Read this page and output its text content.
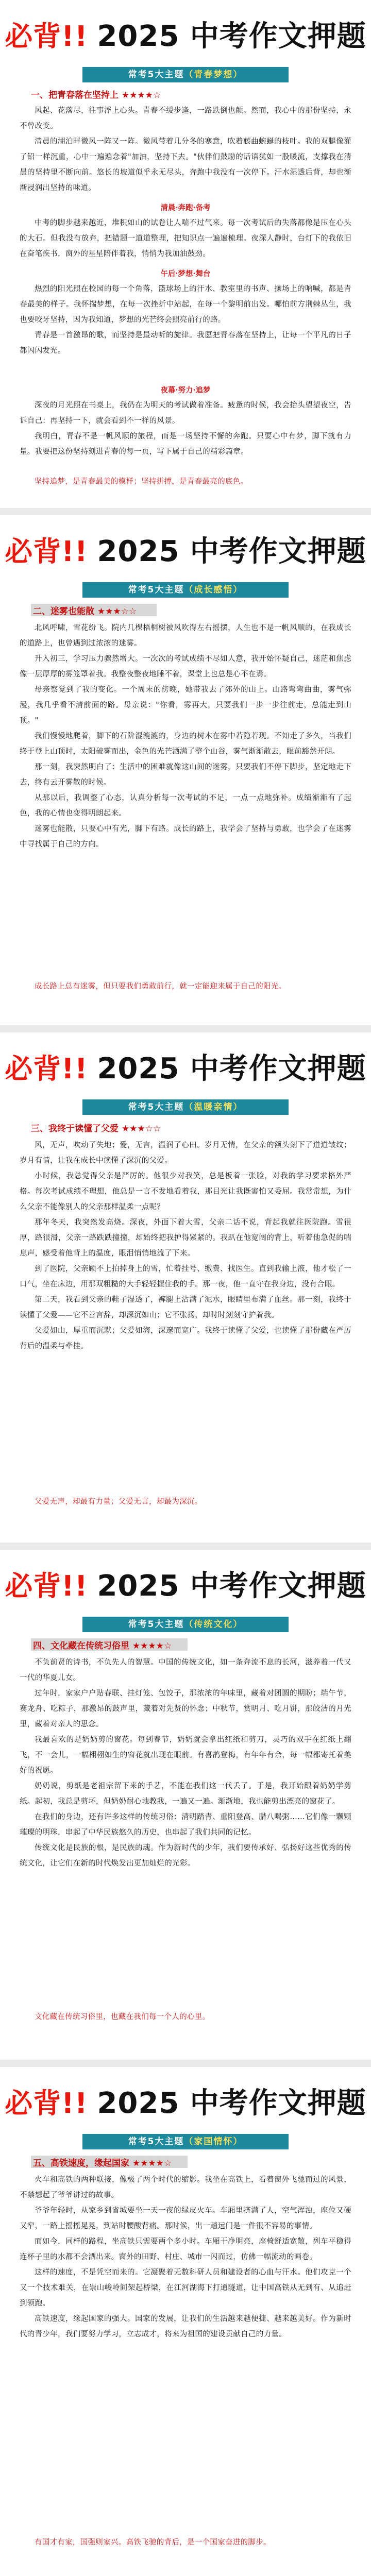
必背!! 2025 中考作文押题
常考5大主题（青春梦想）
一、把青春落在坚持上 ★★★★☆

风起、花落尽，往事浮上心头。青春不缓步逢，一路跌倒也颠。然而，我心中的那份坚持，永不曾改变。

清晨的湖泊畔微风一阵又一阵。微风带着几分冬的寒意，吹着藤曲蜿蜒的枝叶。我的双腿像灌了铅一样沉重，心中一遍遍念着"加油，坚持下去。"伙伴们鼓励的话语犹如一股暖流，支撑我在清晨的坚持里不断向前。悠长的坡道似乎永无尽头，奔跑中我没有一次停下。汗水湿透后背，却也渐渐浸润出坚持的味道。

清晨·奔跑·备考

中考的脚步越来越近，堆积如山的试卷让人喘不过气来。每一次考试后的失落都像是压在心头的大石。但我没有放弃，把错题一道道整理，把知识点一遍遍梳理。夜深人静时，台灯下的我依旧在奋笔疾书，窗外的星星陪伴着我，悄悄为我加油鼓劲。

午后·梦想·舞台

热烈的阳光照在校园的每一个角落，篮球场上的汗水、教室里的书声、操场上的呐喊，都是青春最美的样子。我怀揣梦想，在每一次挫折中站起，在每一个黎明前出发。哪怕前方荆棘丛生，我也要咬牙坚持，因为我知道，梦想的光芒终会照亮前行的路。

青春是一首激昂的歌，而坚持是最动听的旋律。我愿把青春落在坚持上，让每一个平凡的日子都闪闪发光。

夜幕·努力·追梦

深夜的月光照在书桌上，我仍在为明天的考试做着准备。疲惫的时候，我会抬头望望夜空，告诉自己：再坚持一下，就会看到不一样的风景。

我明白，青春不是一帆风顺的旅程，而是一场坚持不懈的奔跑。只要心中有梦，脚下就有力量。我要把这份坚持刻进青春的每一页，写下属于自己的精彩篇章。

坚持追梦，是青春最美的模样；坚持拼搏，是青春最亮的底色。

必背!! 2025 中考作文押题
常考5大主题（成长感悟）
二、迷雾也能散 ★★★☆☆

北风呼啸，雪花纷飞。院内几棵梧桐树被风吹得左右摇摆，人生也不是一帆风顺的，在我成长的道路上，也曾遇到过浓浓的迷雾。

升入初三，学习压力骤然增大。一次次的考试成绩不尽如人意，我开始怀疑自己，迷茫和焦虑像一层厚厚的雾笼罩着我。我整夜整夜地睡不着，课堂上也总是心不在焉。

母亲察觉到了我的变化。一个周末的傍晚，她带我去了郊外的山上。山路弯弯曲曲，雾气弥漫，我几乎看不清前面的路。母亲说："你看，雾再大，只要我们一步一步往前走，总能走到山顶。"

我们慢慢地爬着，脚下的石阶湿漉漉的，身边的树木在雾中若隐若现。不知走了多久，当我们终于登上山顶时，太阳破雾而出，金色的光芒洒满了整个山谷，雾气渐渐散去，眼前豁然开朗。

那一刻，我突然明白了：生活中的困难就像这山间的迷雾，只要我们不停下脚步，坚定地走下去，终有云开雾散的时候。

从那以后，我调整了心态，认真分析每一次考试的不足，一点一点地弥补。成绩渐渐有了起色，我的心情也变得明朗起来。

迷雾也能散，只要心中有光，脚下有路。成长的路上，我学会了坚持与勇敢，也学会了在迷雾中寻找属于自己的方向。

成长路上总有迷雾，但只要我们勇敢前行，就一定能迎来属于自己的阳光。

必背!! 2025 中考作文押题
常考5大主题（温暖亲情）
三、我终于读懂了父爱 ★★★☆☆

风，无声，吹动了失地；爱，无言，温润了心田。岁月无情，在父亲的额头刻下了道道皱纹；岁月有情，让我在成长中读懂了深沉的父爱。

小时候，我总觉得父亲是严厉的。他很少对我笑，总是板着一张脸，对我的学习要求格外严格。每次考试成绩不理想，他总是一言不发地看着我，那目光让我既害怕又委屈。我常常想，为什么父亲不能像别人的父亲那样温柔一点呢？

那年冬天，我突然发高烧。深夜，外面下着大雪，父亲二话不说，背起我就往医院跑。雪很厚，路很滑，父亲一路跌跌撞撞，却始终把我护得紧紧的。我趴在他宽阔的背上，听着他急促的喘息声，感受着他背上的温度，眼泪悄悄地流了下来。

到了医院，父亲顾不上拍掉身上的雪，忙着挂号、缴费、找医生。直到我输上液，他才松了一口气，坐在床边，用那双粗糙的大手轻轻握住我的手。那一夜，他一直守在我身边，没有合眼。

第二天，我看到父亲的鞋子湿透了，裤腿上沾满了泥水，眼睛里布满了血丝。那一刻，我终于读懂了父爱——它不善言辞，却深沉如山；它不张扬，却时时刻刻守护着我。

父爱如山，厚重而沉默；父爱如海，深邃而宽广。我终于读懂了父爱，也读懂了那份藏在严厉背后的温柔与牵挂。

父爱无声，却最有力量；父爱无言，却最为深沉。

必背!! 2025 中考作文押题
常考5大主题（传统文化）
四、文化藏在传统习俗里 ★★★★☆

不负前贤的诗书，不负先人的智慧。中国的传统文化，如一条奔流不息的长河，滋养着一代又一代的华夏儿女。

过年时，家家户户贴春联、挂灯笼、包饺子，那浓浓的年味里，藏着对团圆的期盼；端午节，赛龙舟、吃粽子，那激昂的鼓声里，藏着对先贤的怀念；中秋节，赏明月、吃月饼，那皎洁的月光里，藏着对亲人的思念。

我最喜欢的是奶奶剪的窗花。每到春节，奶奶就会拿出红纸和剪刀，灵巧的双手在红纸上翻飞，不一会儿，一幅栩栩如生的窗花就出现在眼前。有喜鹊登梅，有年年有余，每一幅都寄托着美好的祝愿。

奶奶说，剪纸是老祖宗留下来的手艺，不能在我们这一代丢了。于是，我开始跟着奶奶学剪纸。起初，我总是剪坏，但奶奶耐心地教我，一遍又一遍。渐渐地，我也能剪出漂亮的窗花了。

在我们的身边，还有许多这样的传统习俗：清明踏青、重阳登高、腊八喝粥……它们像一颗颗璀璨的明珠，串起了中华民族悠久的历史，也串起了我们共同的记忆。

传统文化是民族的根，是民族的魂。作为新时代的少年，我们要传承好、弘扬好这些优秀的传统文化，让它们在新的时代焕发出更加灿烂的光彩。

文化藏在传统习俗里，也藏在我们每一个人的心里。

必背!! 2025 中考作文押题
常考5大主题（家国情怀）
五、高铁速度，缘起国家 ★★★★☆

火车和高铁的两种联接，像极了两个时代的缩影。我坐在高铁上，看着窗外飞驰而过的风景，不禁想起了爷爷讲过的故事。

爷爷年轻时，从家乡到省城要坐一天一夜的绿皮火车。车厢里挤满了人，空气浑浊，座位又硬又窄，一路上摇摇晃晃，到站时腰酸背痛。那时候，出一趟远门是一件很不容易的事情。

而如今，同样的路程，坐高铁只需要两个多小时。车厢干净明亮，座椅舒适宽敞，列车平稳得连杯子里的水都不会洒出来。窗外的田野、村庄、城市一闪而过，仿佛一幅流动的画卷。

这样的速度，不是凭空而来的。它凝聚着无数科研人员和建设者的心血与汗水。他们攻克一个又一个技术难关，在崇山峻岭间架起桥梁，在江河湖海下打通隧道，让中国高铁从无到有、从追赶到领跑。

高铁速度，缘起国家的强大。国家的发展，让我们的生活越来越便捷、越来越美好。作为新时代的青少年，我们要努力学习，立志成才，将来为祖国的建设贡献自己的力量。

有国才有家，国强则家兴。高铁飞驰的背后，是一个国家奋进的脚步。
